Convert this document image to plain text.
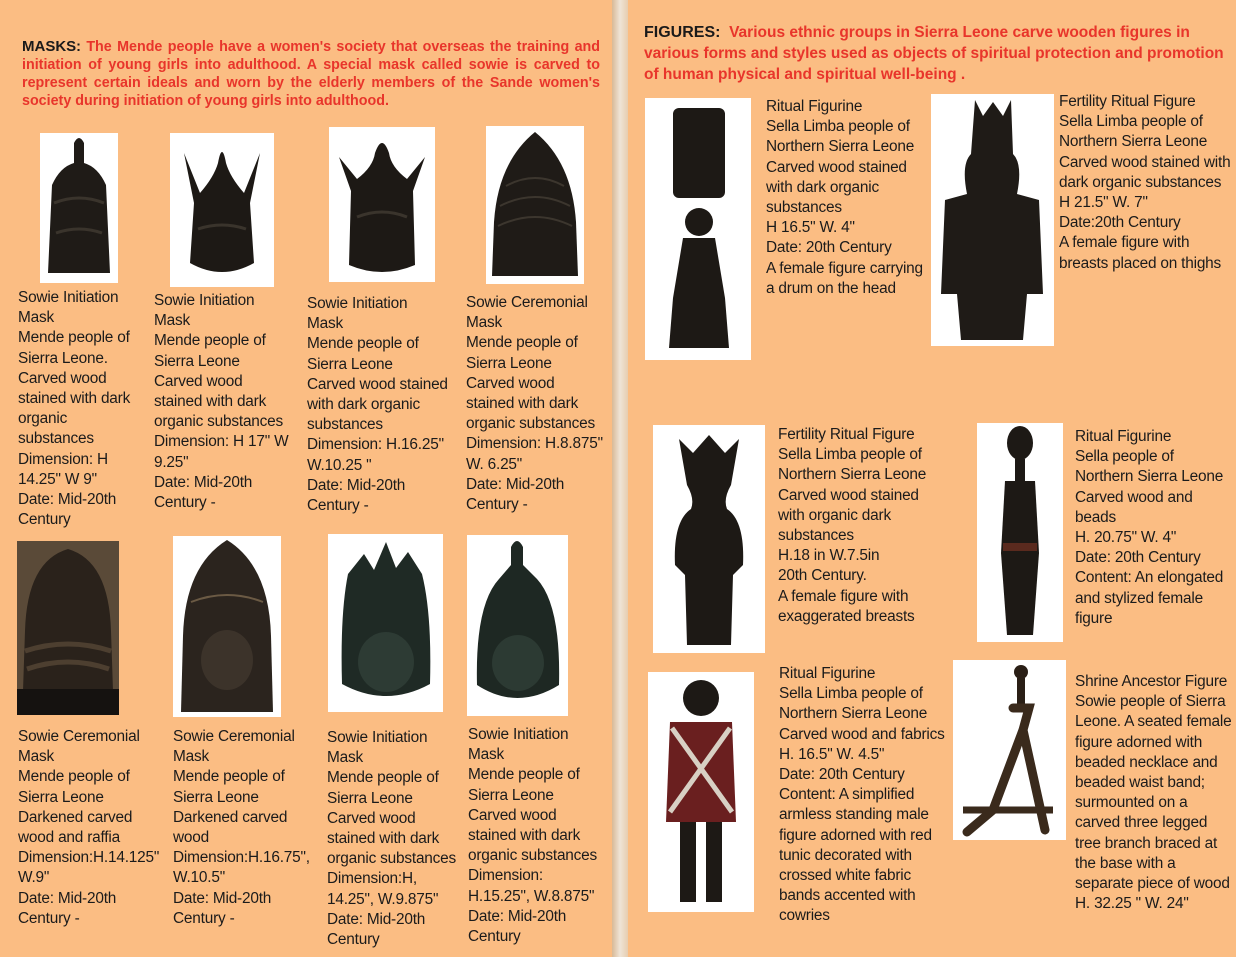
MASKS: The Mende people have a women's society that overseas the training and initiation of young girls into adulthood. A special mask called sowie is carved to represent certain ideals and worn by the elderly members of the Sande women's society during initiation of young girls into adulthood.
Sowie Initiation
Mask
Mende people of
Sierra Leone.
Carved wood
stained with dark
organic
substances
Dimension: H
14.25" W 9"
Date: Mid-20th
Century
Sowie Initiation
Mask
Mende people of
Sierra Leone
Carved wood
stained with dark
organic substances
Dimension: H 17" W
9.25"
Date: Mid-20th
Century -
Sowie Initiation
Mask
Mende people of
Sierra Leone
Carved wood stained
with dark organic
substances
Dimension: H.16.25"
W.10.25 "
Date: Mid-20th
Century -
Sowie Ceremonial
Mask
Mende people of
Sierra Leone
Carved wood
stained with dark
organic substances
Dimension: H.8.875"
W. 6.25"
Date: Mid-20th
Century -
Sowie Ceremonial
Mask
Mende people of
Sierra Leone
Darkened carved
wood and raffia
Dimension:H.14.125"
W.9"
Date: Mid-20th
Century -
Sowie Ceremonial
Mask
Mende people of
Sierra Leone
Darkened carved
wood
Dimension:H.16.75",
W.10.5"
Date: Mid-20th
Century -
Sowie Initiation
Mask
Mende people of
Sierra Leone
Carved wood
stained with dark
organic substances
Dimension:H,
14.25", W.9.875"
Date: Mid-20th
Century
Sowie Initiation
Mask
Mende people of
Sierra Leone
Carved wood
stained with dark
organic substances
Dimension:
H.15.25", W.8.875"
Date: Mid-20th
Century
FIGURES: Various ethnic groups in Sierra Leone carve wooden figures in various forms and styles used as objects of spiritual protection and promotion of human physical and spiritual well-being .
Ritual Figurine
Sella Limba people of
Northern Sierra Leone
Carved wood stained
with dark organic
substances
H 16.5" W. 4"
Date: 20th Century
A female figure carrying
a drum on the head
Fertility Ritual Figure
Sella Limba people of
Northern Sierra Leone
Carved wood stained with
dark organic substances
H 21.5" W. 7"
Date:20th Century
A female figure with
breasts placed on thighs
Fertility Ritual Figure
Sella Limba people of
Northern Sierra Leone
Carved wood stained
with organic dark
substances
H.18 in W.7.5in
20th Century.
A female figure with
exaggerated breasts
Ritual Figurine
Sella people of
Northern Sierra Leone
Carved wood and
beads
H. 20.75" W. 4"
Date: 20th Century
Content: An elongated
and stylized female
figure
Ritual Figurine
Sella Limba people of
Northern Sierra Leone
Carved wood and fabrics
H. 16.5" W. 4.5"
Date: 20th Century
Content: A simplified
armless standing male
figure adorned with red
tunic decorated with
crossed white fabric
bands accented with
cowries
Shrine Ancestor Figure
Sowie people of Sierra
Leone. A seated female
figure adorned with
beaded necklace and
beaded waist band;
surmounted on a
carved three legged
tree branch braced at
the base with a
separate piece of wood
H. 32.25 " W. 24"
